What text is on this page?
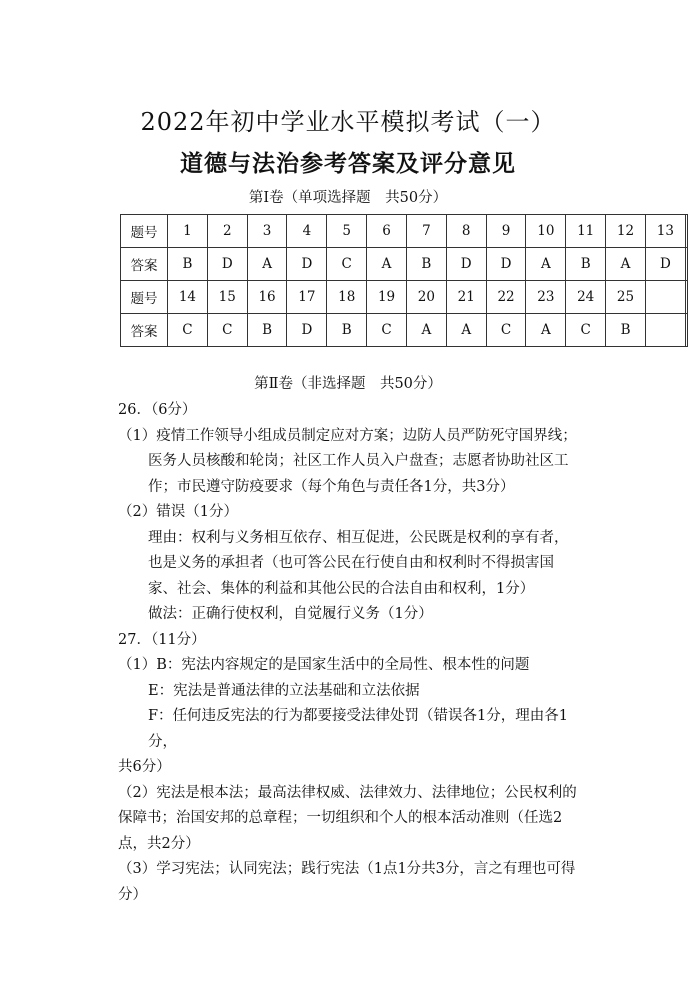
2022年初中学业水平模拟考试（一）
道德与法治参考答案及评分意见
第Ⅰ卷（单项选择题　共50分）
题号	1	2	3	4	5	6	7	8	9	10	11	12	13	
答案	B	D	A	D	C	A	B	D	D	A	B	A	D	
题号	14	15	16	17	18	19	20	21	22	23	24	25		
答案	C	C	B	D	B	C	A	A	C	A	C	B		
第Ⅱ卷（非选择题　共50分）

26．（6分）

（1）疫情工作领导小组成员制定应对方案；边防人员严防死守国界线；医务人员核酸和轮岗；社区工作人员入户盘查；志愿者协助社区工作；市民遵守防疫要求（每个角色与责任各1分，共3分）

（2）错误（1分）

理由：权利与义务相互依存、相互促进，公民既是权利的享有者，也是义务的承担者（也可答公民在行使自由和权利时不得损害国家、社会、集体的利益和其他公民的合法自由和权利，1分）

做法：正确行使权利，自觉履行义务（1分）

27．（11分）

（1）B：宪法内容规定的是国家生活中的全局性、根本性的问题

E：宪法是普通法律的立法基础和立法依据

F：任何违反宪法的行为都要接受法律处罚（错误各1分，理由各1分，

共6分）

（2）宪法是根本法；最高法律权威、法律效力、法律地位；公民权利的保障书；治国安邦的总章程；一切组织和个人的根本活动准则（任选2点，共2分）

（3）学习宪法；认同宪法；践行宪法（1点1分共3分，言之有理也可得分）
